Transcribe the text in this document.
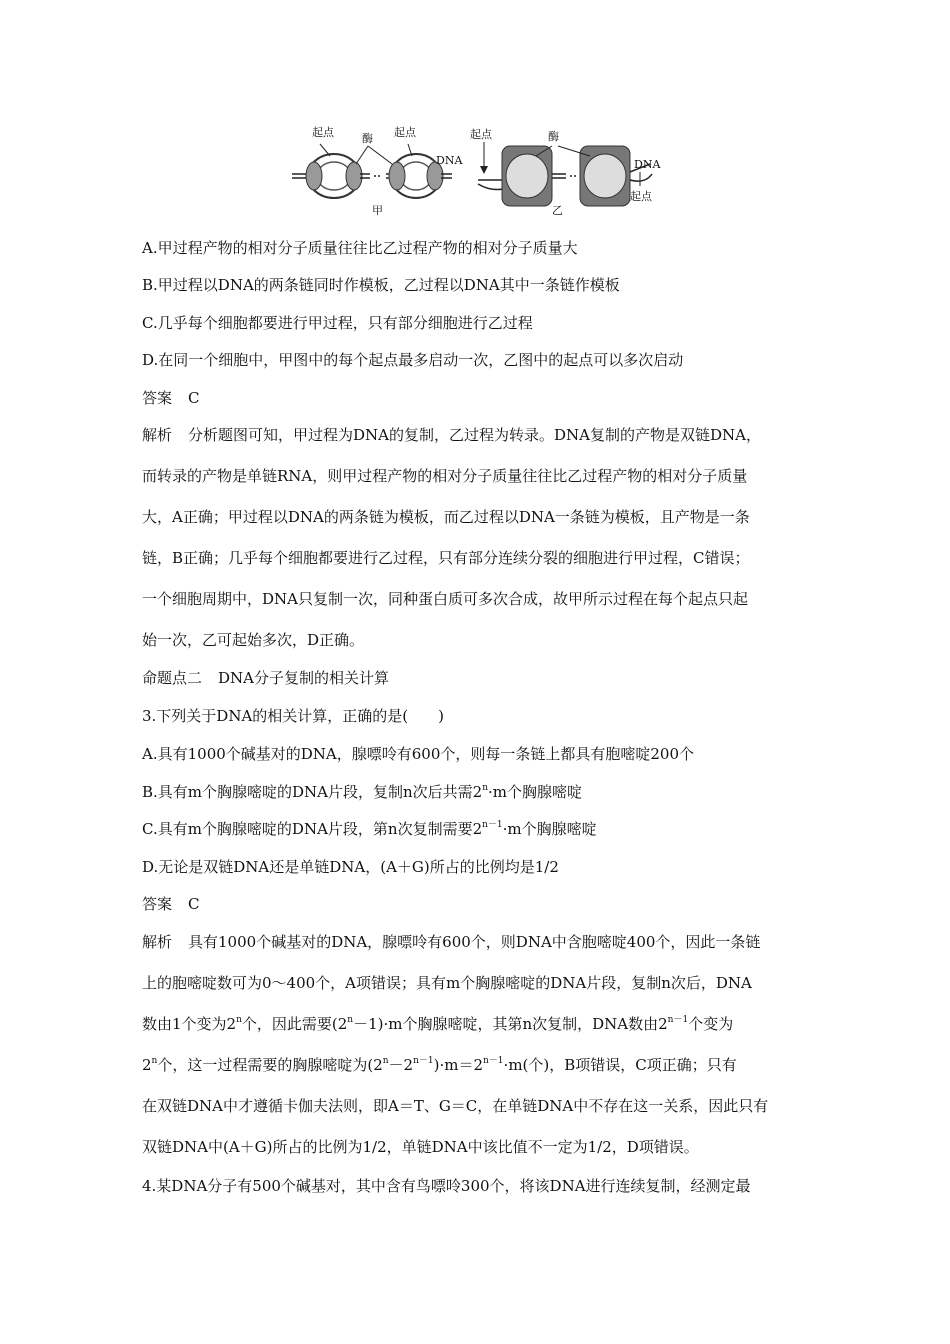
起点	酶 起点
DNA
甲
起点	酶
DNA
起点
乙
A.甲过程产物的相对分子质量往往比乙过程产物的相对分子质量大
B.甲过程以DNA的两条链同时作模板，乙过程以DNA其中一条链作模板
C.几乎每个细胞都要进行甲过程，只有部分细胞进行乙过程
D.在同一个细胞中，甲图中的每个起点最多启动一次，乙图中的起点可以多次启动
答案 C
解析 分析题图可知，甲过程为DNA的复制，乙过程为转录。DNA复制的产物是双链DNA，
而转录的产物是单链RNA，则甲过程产物的相对分子质量往往比乙过程产物的相对分子质量
大，A正确；甲过程以DNA的两条链为模板，而乙过程以DNA一条链为模板，且产物是一条
链，B正确；几乎每个细胞都要进行乙过程，只有部分连续分裂的细胞进行甲过程，C错误；
一个细胞周期中，DNA只复制一次，同种蛋白质可多次合成，故甲所示过程在每个起点只起
始一次，乙可起始多次，D正确。
命题点二 DNA分子复制的相关计算
3.下列关于DNA的相关计算，正确的是(　　)
A.具有1000个碱基对的DNA，腺嘌呤有600个，则每一条链上都具有胞嘧啶200个
B.具有m个胸腺嘧啶的DNA片段，复制n次后共需$2^n\cdot m$个胸腺嘧啶
C.具有m个胸腺嘧啶的DNA片段，第n次复制需要$2^{n-1}\cdot m$个胸腺嘧啶
D.无论是双链DNA还是单链DNA，(A＋G)所占的比例均是1/2
答案 C
解析 具有1000个碱基对的DNA，腺嘌呤有600个，则DNA中含胞嘧啶400个，因此一条链
上的胞嘧啶数可为0～400个，A项错误；具有m个胸腺嘧啶的DNA片段，复制n次后，DNA
数由1个变为2$^n$个，因此需要$(2^n-1)\cdot m$个胸腺嘧啶，其第n次复制，DNA数由$2^{n-1}$个变为
2$^n$个，这一过程需要的胸腺嘧啶为$(2^n-2^{n-1})\cdot m=2^{n-1}\cdot m$(个)，B项错误，C项正确；只有
在双链DNA中才遵循卡伽夫法则，即A＝T、G＝C，在单链DNA中不存在这一关系，因此只有
双链DNA中(A＋G)所占的比例为1/2，单链DNA中该比值不一定为1/2，D项错误。
4.某DNA分子有500个碱基对，其中含有鸟嘌呤300个，将该DNA进行连续复制，经测定最
